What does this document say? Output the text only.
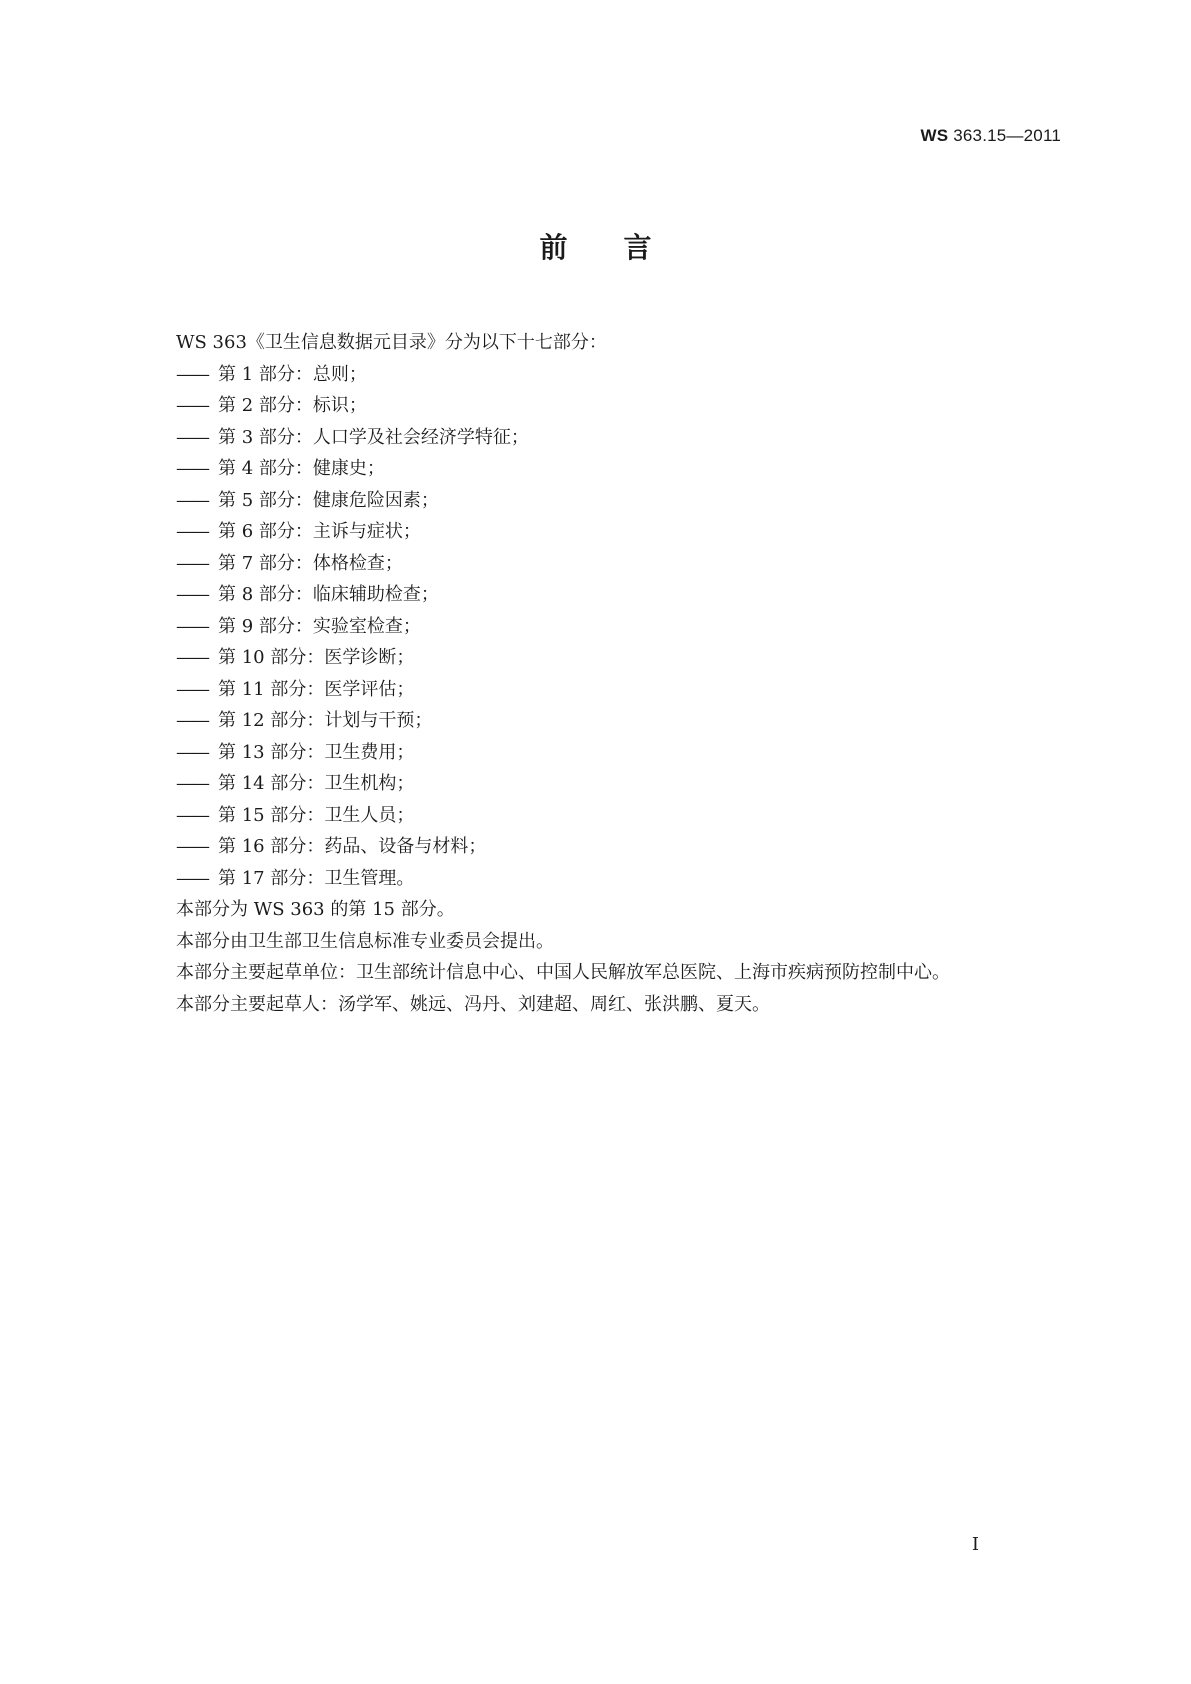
WS 363.15—2011
前言
WS 363《卫生信息数据元目录》分为以下十七部分：
—— 第 1 部分：总则；
—— 第 2 部分：标识；
—— 第 3 部分：人口学及社会经济学特征；
—— 第 4 部分：健康史；
—— 第 5 部分：健康危险因素；
—— 第 6 部分：主诉与症状；
—— 第 7 部分：体格检查；
—— 第 8 部分：临床辅助检查；
—— 第 9 部分：实验室检查；
—— 第 10 部分：医学诊断；
—— 第 11 部分：医学评估；
—— 第 12 部分：计划与干预；
—— 第 13 部分：卫生费用；
—— 第 14 部分：卫生机构；
—— 第 15 部分：卫生人员；
—— 第 16 部分：药品、设备与材料；
—— 第 17 部分：卫生管理。
本部分为 WS 363 的第 15 部分。
本部分由卫生部卫生信息标准专业委员会提出。
本部分主要起草单位：卫生部统计信息中心、中国人民解放军总医院、上海市疾病预防控制中心。
本部分主要起草人：汤学军、姚远、冯丹、刘建超、周红、张洪鹏、夏天。
I
